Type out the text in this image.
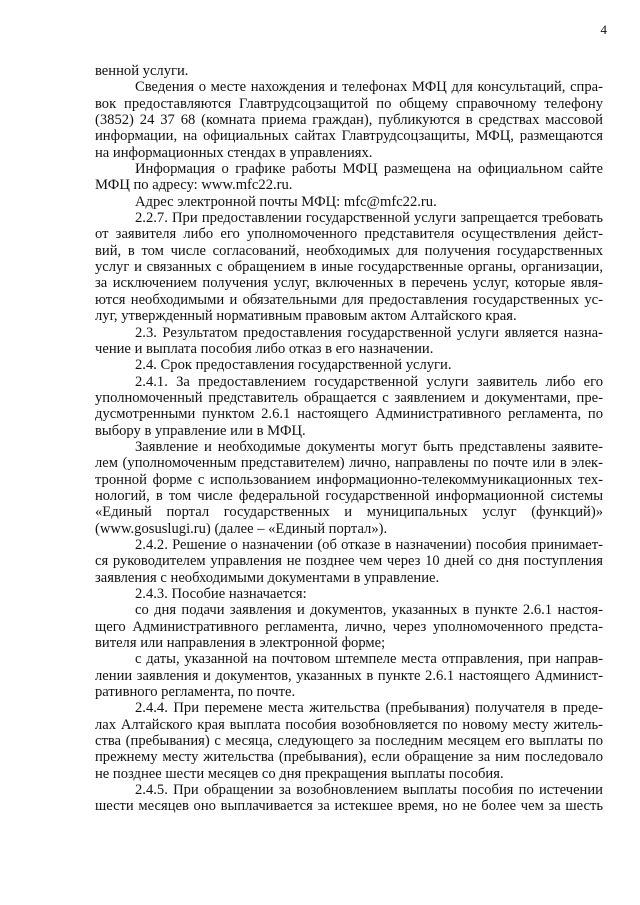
4
венной услуги.
Сведения о месте нахождения и телефонах МФЦ для консультаций, спра-
вок предоставляются Главтрудсоцзащитой по общему справочному телефону
(3852) 24 37 68 (комната приема граждан), публикуются в средствах массовой
информации, на официальных сайтах Главтрудсоцзащиты, МФЦ, размещаются
на информационных стендах в управлениях.
Информация о графике работы МФЦ размещена на официальном сайте
МФЦ по адресу: www.mfc22.ru.
Адрес электронной почты МФЦ: mfc@mfc22.ru.
2.2.7. При предоставлении государственной услуги запрещается требовать
от заявителя либо его уполномоченного представителя осуществления дейст-
вий, в том числе согласований, необходимых для получения государственных
услуг и связанных с обращением в иные государственные органы, организации,
за исключением получения услуг, включенных в перечень услуг, которые явля-
ются необходимыми и обязательными для предоставления государственных ус-
луг, утвержденный нормативным правовым актом Алтайского края.
2.3. Результатом предоставления государственной услуги является назна-
чение и выплата пособия либо отказ в его назначении.
2.4. Срок предоставления государственной услуги.
2.4.1. За предоставлением государственной услуги заявитель либо его
уполномоченный представитель обращается с заявлением и документами, пре-
дусмотренными пунктом 2.6.1 настоящего Административного регламента, по
выбору в управление или в МФЦ.
Заявление и необходимые документы могут быть представлены заявите-
лем (уполномоченным представителем) лично, направлены по почте или в элек-
тронной форме с использованием информационно-телекоммуникационных тех-
нологий, в том числе федеральной государственной информационной системы
«Единый портал государственных и муниципальных услуг (функций)»
(www.gosuslugi.ru) (далее – «Единый портал»).
2.4.2. Решение о назначении (об отказе в назначении) пособия принимает-
ся руководителем управления не позднее чем через 10 дней со дня поступления
заявления с необходимыми документами в управление.
2.4.3. Пособие назначается:
со дня подачи заявления и документов, указанных в пункте 2.6.1 настоя-
щего Административного регламента, лично, через уполномоченного предста-
вителя или направления в электронной форме;
с даты, указанной на почтовом штемпеле места отправления, при направ-
лении заявления и документов, указанных в пункте 2.6.1 настоящего Админист-
ративного регламента, по почте.
2.4.4. При перемене места жительства (пребывания) получателя в преде-
лах Алтайского края выплата пособия возобновляется по новому месту житель-
ства (пребывания) с месяца, следующего за последним месяцем его выплаты по
прежнему месту жительства (пребывания), если обращение за ним последовало
не позднее шести месяцев со дня прекращения выплаты пособия.
2.4.5. При обращении за возобновлением выплаты пособия по истечении
шести месяцев оно выплачивается за истекшее время, но не более чем за шесть
